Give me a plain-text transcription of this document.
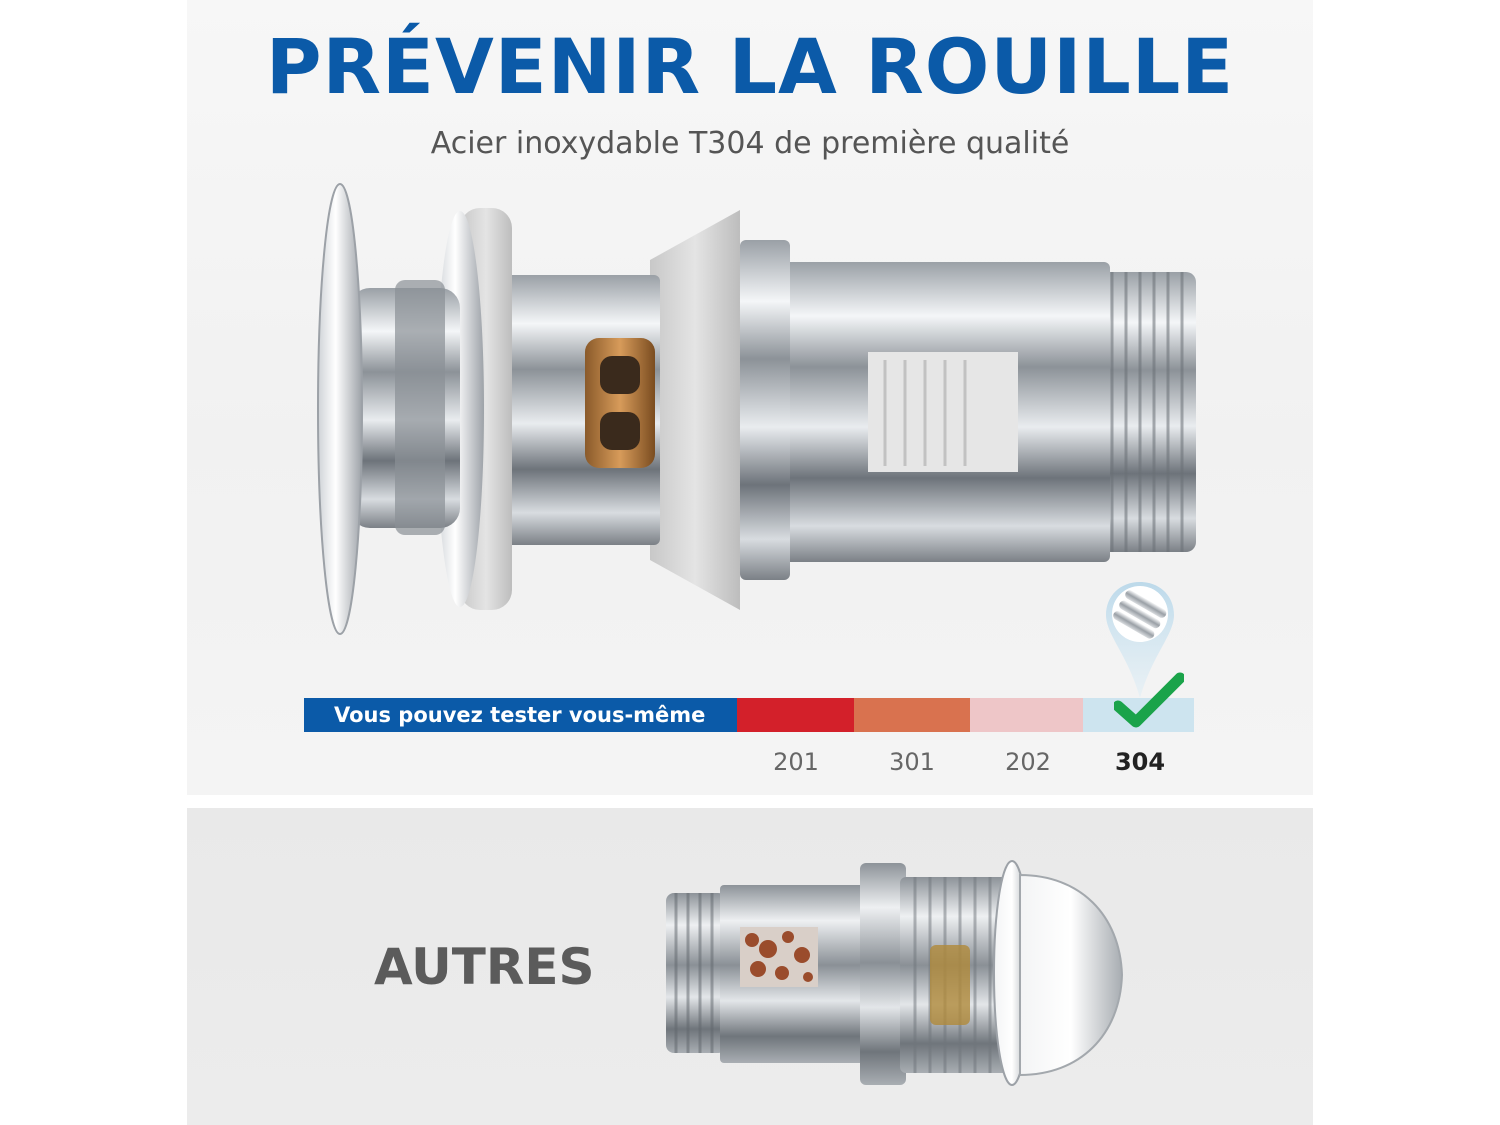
PRÉVENIR LA ROUILLE

Acier inoxydable T304 de première qualité

Vous pouvez tester vous-même
201	301	202	304
AUTRES
